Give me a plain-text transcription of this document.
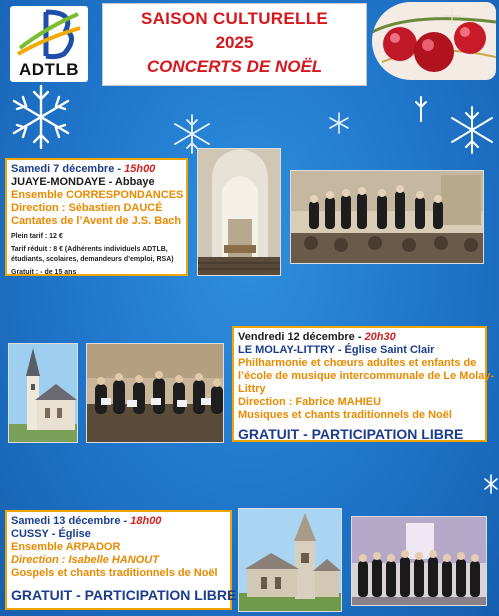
ADTLB
SAISON CULTURELLE
2025
CONCERTS DE NOËL
Samedi 7 décembre - 15h00
JUAYE-MONDAYE - Abbaye
Ensemble CORRESPONDANCES
Direction : Sébastien DAUCÉ
Cantates de l’Avent de J.S. Bach
Plein tarif : 12 €
Tarif réduit : 8 € (Adhérents individuels ADTLB,
étudiants, scolaires, demandeurs d’emploi, RSA)
Gratuit : - de 15 ans
Vendredi 12 décembre - 20h30
LE MOLAY-LITTRY - Église Saint Clair
Philharmonie et chœurs adultes et enfants de
l’école de musique intercommunale de Le Molay-
Littry
Direction : Fabrice MAHIEU
Musiques et chants traditionnels de Noël
GRATUIT - PARTICIPATION LIBRE
Samedi 13 décembre - 18h00
CUSSY - Église
Ensemble ARPADOR
Direction : Isabelle HANOUT
Gospels et chants traditionnels de Noël
GRATUIT - PARTICIPATION LIBRE
